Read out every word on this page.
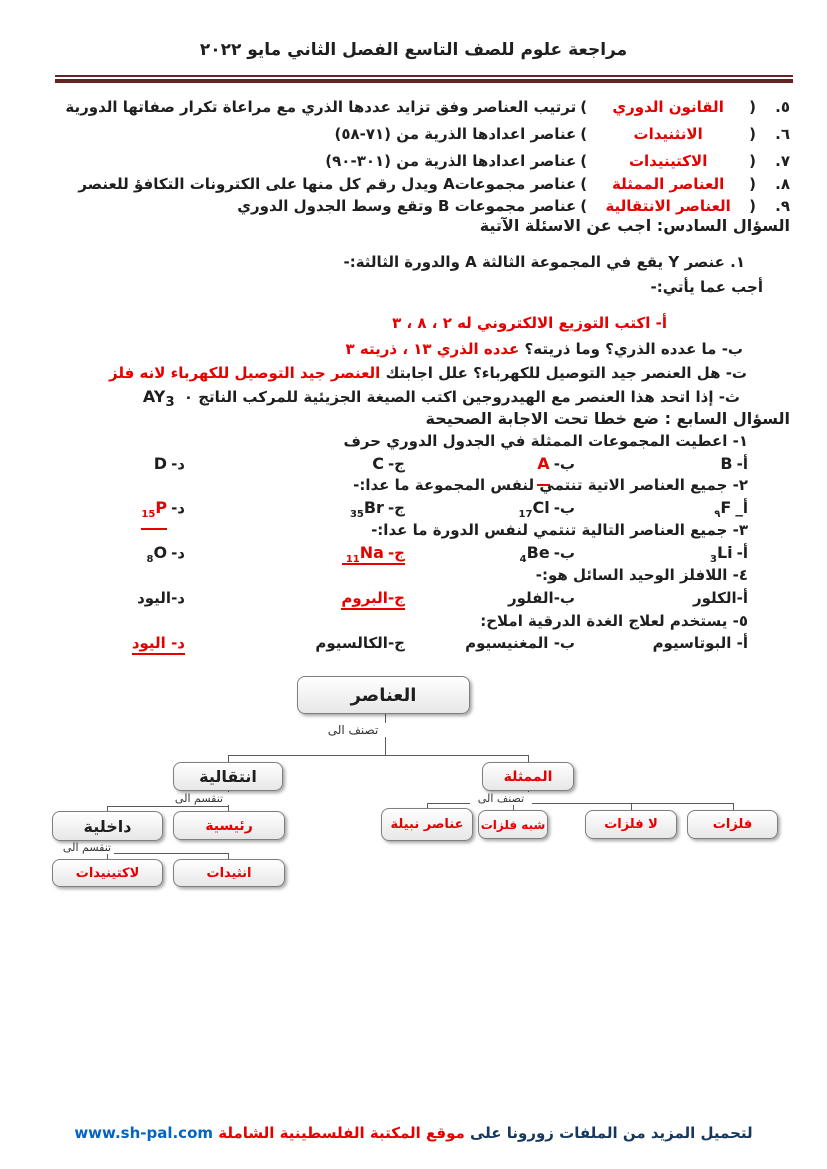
مراجعة علوم للصف التاسع الفصل الثاني مايو ٢٠٢٢
٥.(القانون الدوري)ترتيب العناصر وفق تزايد عددها الذري مع مراعاة تكرار صفاتها الدورية
٦.(الانثنيدات)عناصر اعدادها الذرية من (٧١-٥٨)
٧.(الاكتينيدات)عناصر اعدادها الذرية من (٣٠١-٩٠)
٨.(العناصر الممثلة)عناصر مجموعاتA ويدل رقم كل منها على الكترونات التكافؤ للعنصر
٩.(العناصر الانتقالية)عناصر مجموعات B وتقع وسط الجدول الدوري
السؤال السادس: اجب عن الاسئلة الآتية
١. عنصر Y يقع في المجموعة الثالثة A والدورة الثالثة:-
أجب عما يأتي:-
أ- اكتب التوزيع الالكتروني له ٢ ، ٨ ، ٣
ب- ما عدده الذري؟ وما ذريته؟ عدده الذري ١٣ ، ذريته ٣
ت- هل العنصر جيد التوصيل للكهرباء؟ علل اجابتك العنصر جيد التوصيل للكهرباء لانه فلز
ث- إذا اتحد هذا العنصر مع الهيدروجين اكتب الصيغة الجزيئية للمركب الناتج ٠ $AY_3$
السؤال السابع : ضع خطا تحت الاجابة الصحيحة
١- اعطيت المجموعات الممثلة في الجدول الدوري حرف
أ-B
ب-A
ج-C
د-D
٢- جميع العناصر الاتية تنتمي لنفس المجموعة ما عدا:-
$أ\__٩F$
$ب-_{17}Cl$
$ج-_{35}Br$
$د-_{15}P$
٣- جميع العناصر التالية تنتمي لنفس الدورة ما عدا:-
$أ-_3Li$
$ب-_4Be$
$ج-_{11}Na$
$د-_8O$
٤- اللافلز الوحيد السائل هو:-
أ-الكلور
ب-الفلور
ج-البروم
د-اليود
٥- يستخدم لعلاج الغدة الدرقية املاح:
أ- البوتاسيوم
ب- المغنيسيوم
ج-الكالسيوم
د- اليود
تصنف الى
تنقسم الى
تنقسم الى
تصنف الى
العناصر
انتقالية	الممثلة
داخلية	رئيسية
لاكتينيدات	انثيدات
عناصر نبيلة	شبه فلزات	لا فلزات	فلزات
لتحميل المزيد من الملفات زورونا على موقع المكتبة الفلسطينية الشاملة www.sh-pal.com
